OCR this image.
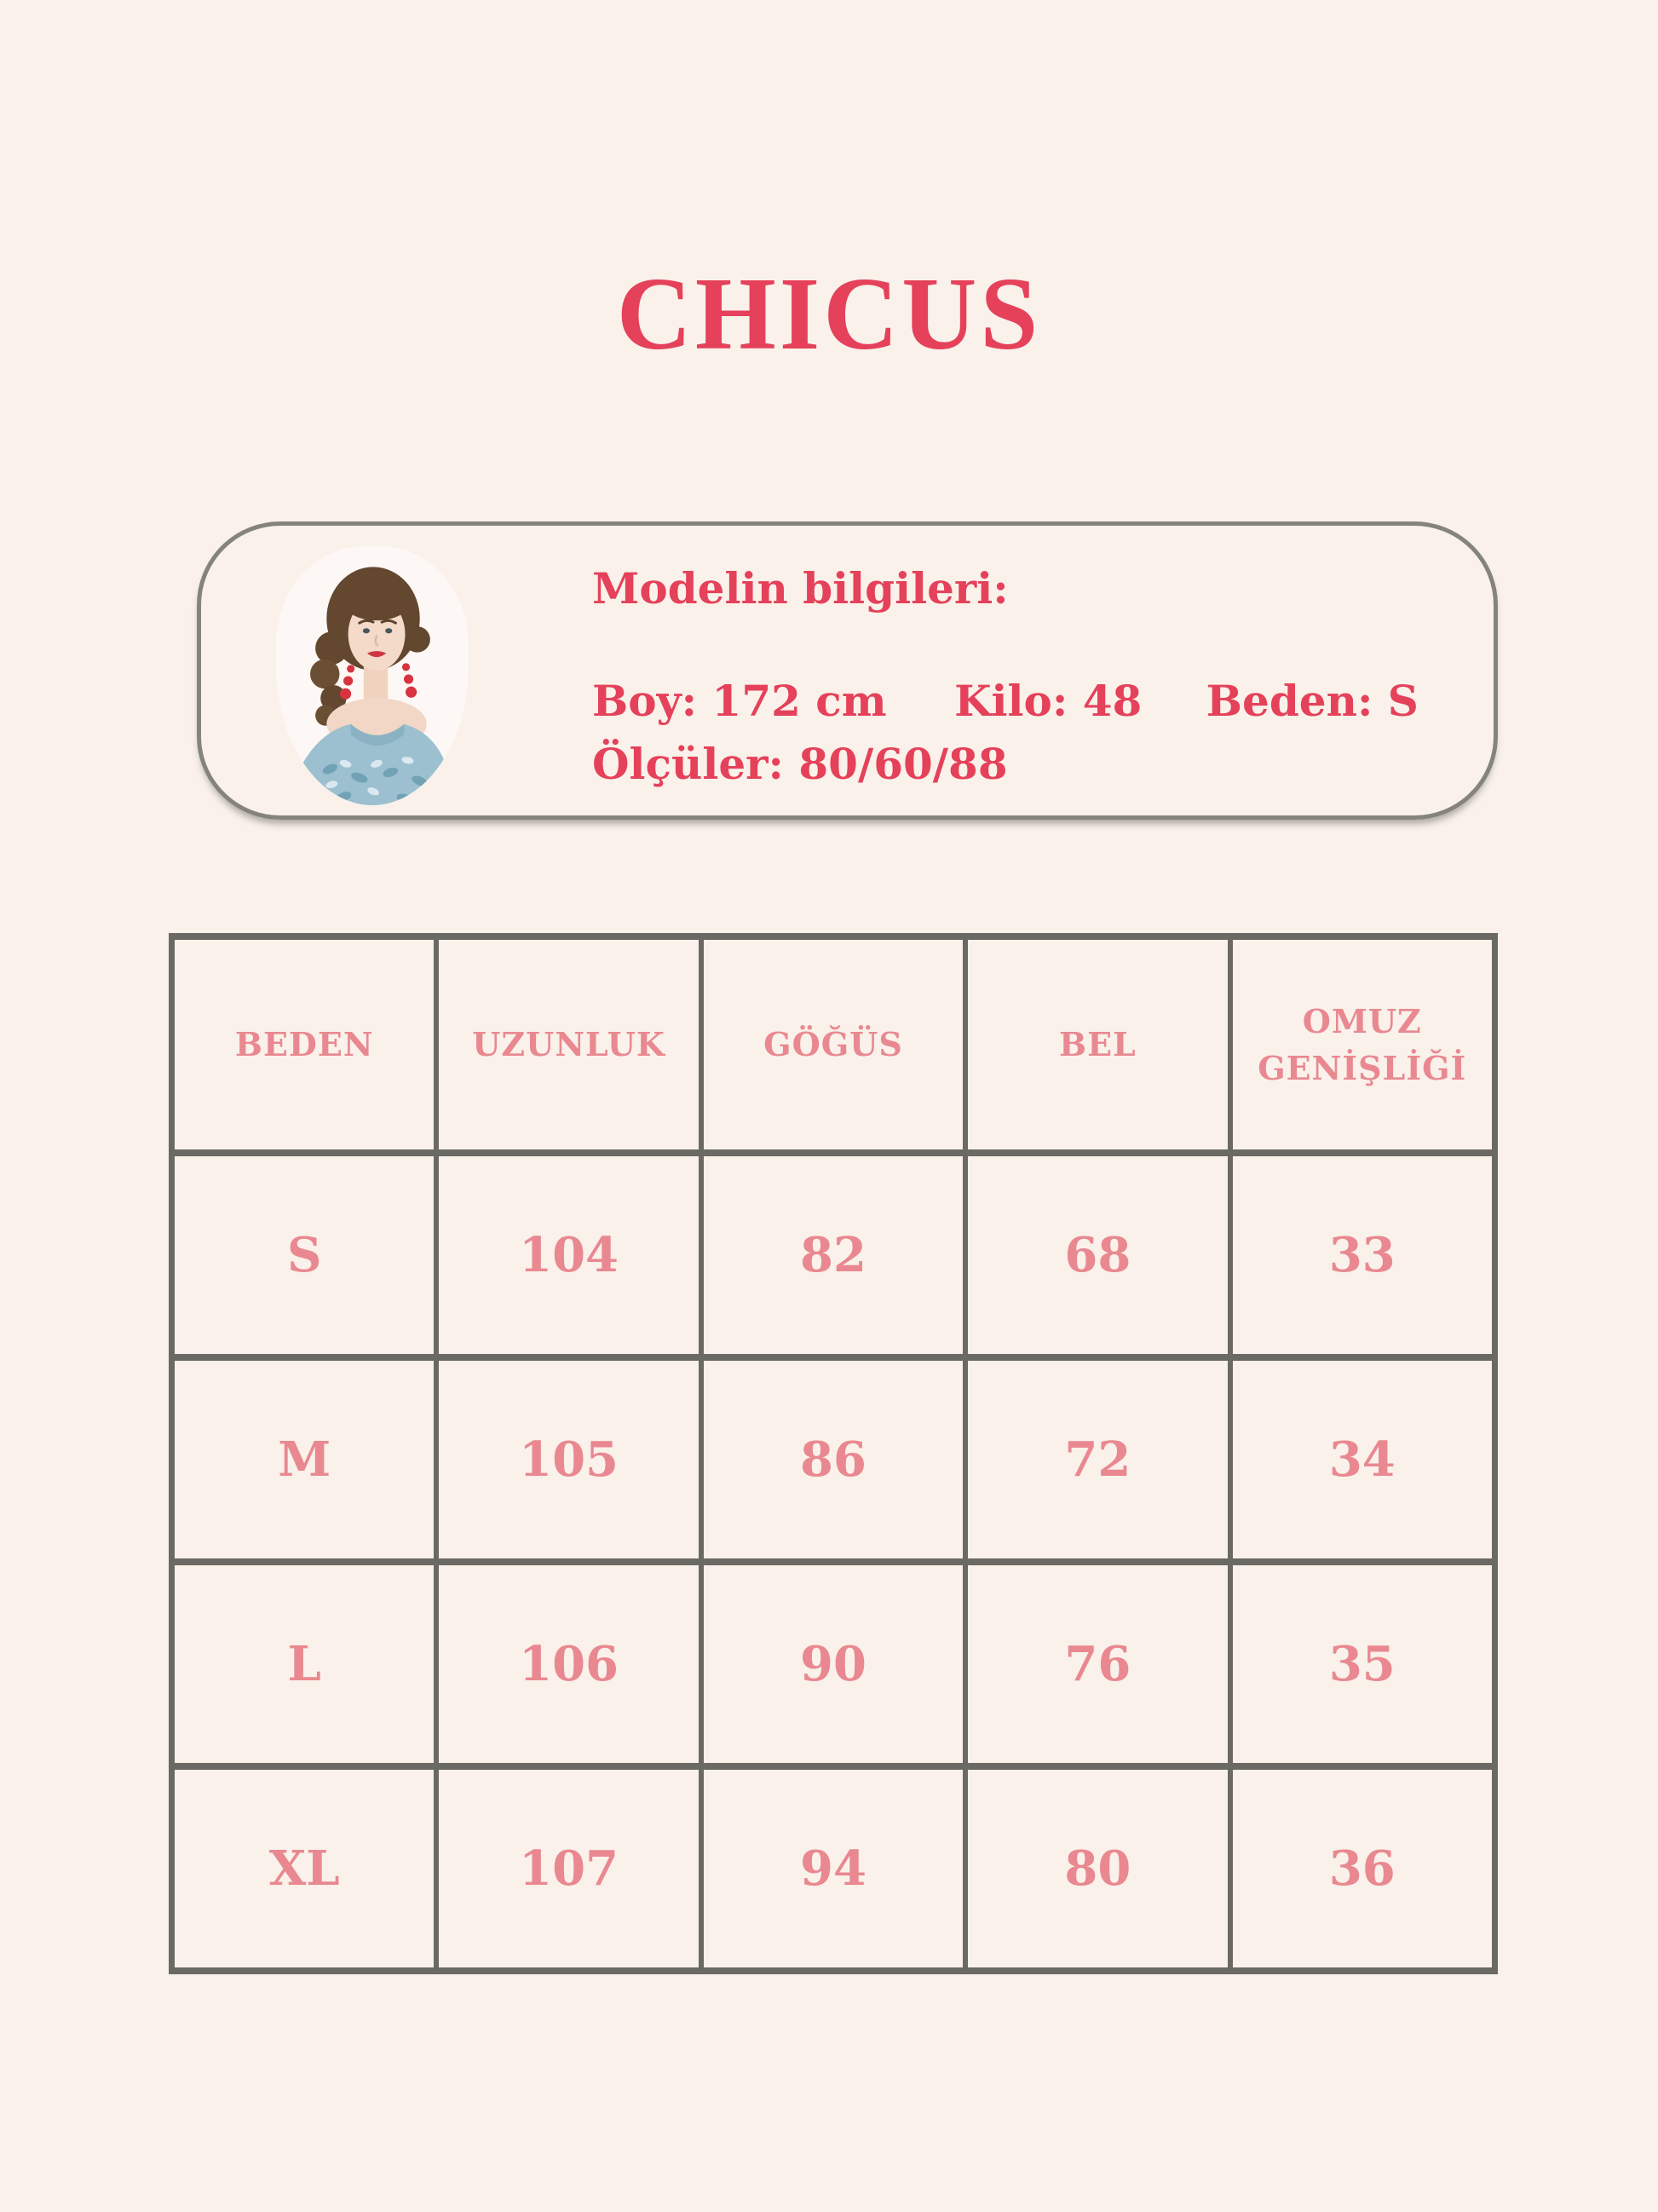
CHICUS

Modelin bilgileri:

Boy: 172 cm Kilo: 48 Beden: S

Ölçüler: 80/60/88

BEDEN	UZUNLUK	GÖĞÜS	BEL	OMUZ GENİŞLİĞİ
S	104	82	68	33
M	105	86	72	34
L	106	90	76	35
XL	107	94	80	36
